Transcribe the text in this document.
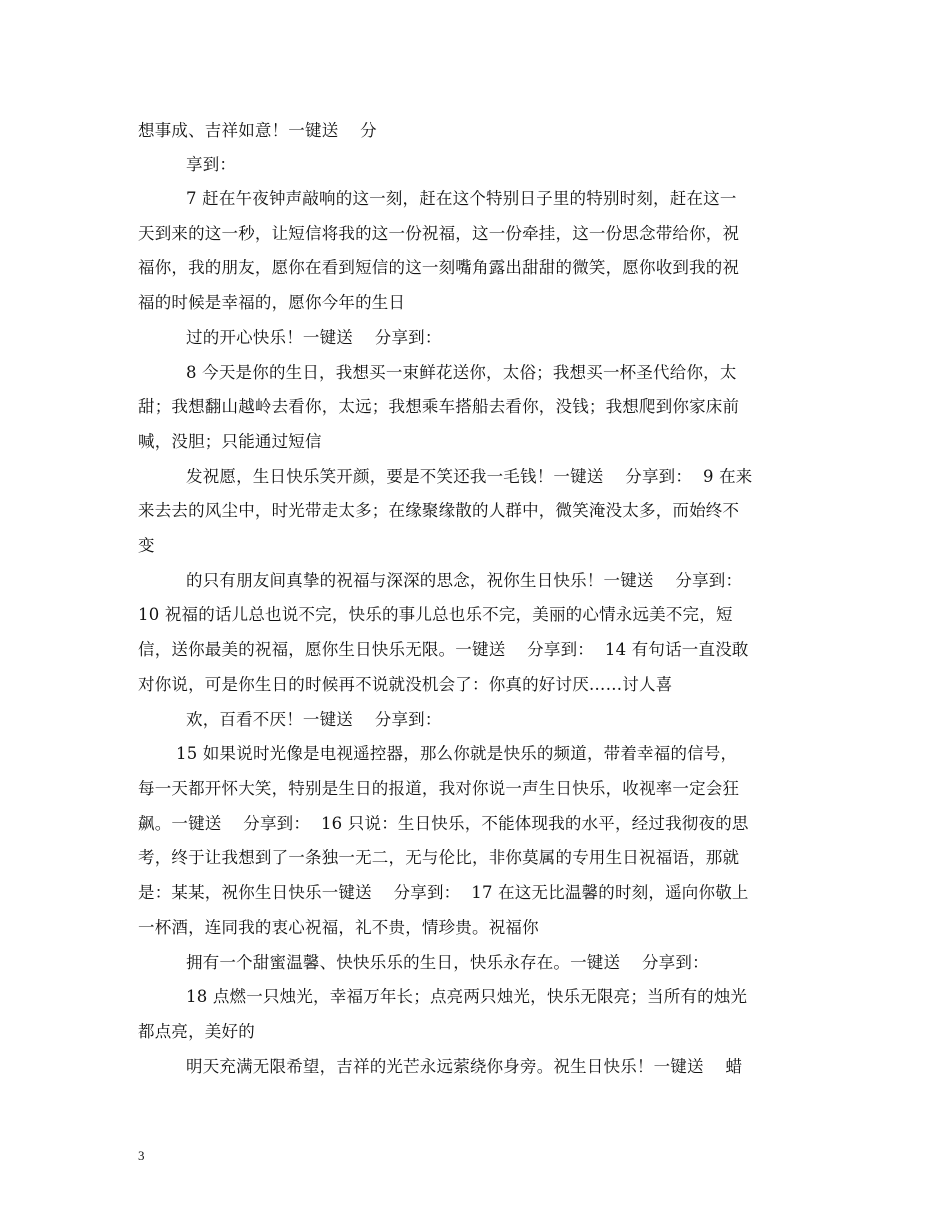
想事成、吉祥如意！一键送    分
享到：
7 赶在午夜钟声敲响的这一刻，赶在这个特别日子里的特别时刻，赶在这一
天到来的这一秒，让短信将我的这一份祝福，这一份牵挂，这一份思念带给你，祝
福你，我的朋友，愿你在看到短信的这一刻嘴角露出甜甜的微笑，愿你收到我的祝
福的时候是幸福的，愿你今年的生日
过的开心快乐！一键送    分享到：
8 今天是你的生日，我想买一束鲜花送你，太俗；我想买一杯圣代给你，太
甜；我想翻山越岭去看你，太远；我想乘车搭船去看你，没钱；我想爬到你家床前
喊，没胆；只能通过短信
发祝愿，生日快乐笑开颜，要是不笑还我一毛钱！一键送    分享到：  9 在来
来去去的风尘中，时光带走太多；在缘聚缘散的人群中，微笑淹没太多，而始终不
变
的只有朋友间真挚的祝福与深深的思念，祝你生日快乐！一键送    分享到：
10 祝福的话儿总也说不完，快乐的事儿总也乐不完，美丽的心情永远美不完，短
信，送你最美的祝福，愿你生日快乐无限。一键送    分享到：  14 有句话一直没敢
对你说，可是你生日的时候再不说就没机会了：你真的好讨厌……讨人喜
欢，百看不厌！一键送    分享到：
15 如果说时光像是电视遥控器，那么你就是快乐的频道，带着幸福的信号，
每一天都开怀大笑，特别是生日的报道，我对你说一声生日快乐，收视率一定会狂
飙。一键送    分享到：  16 只说：生日快乐，不能体现我的水平，经过我彻夜的思
考，终于让我想到了一条独一无二，无与伦比，非你莫属的专用生日祝福语，那就
是：某某，祝你生日快乐一键送    分享到：  17 在这无比温馨的时刻，遥向你敬上
一杯酒，连同我的衷心祝福，礼不贵，情珍贵。祝福你
拥有一个甜蜜温馨、快快乐乐的生日，快乐永存在。一键送    分享到：
18 点燃一只烛光，幸福万年长；点亮两只烛光，快乐无限亮；当所有的烛光
都点亮，美好的
明天充满无限希望，吉祥的光芒永远萦绕你身旁。祝生日快乐！一键送    蜡
3
